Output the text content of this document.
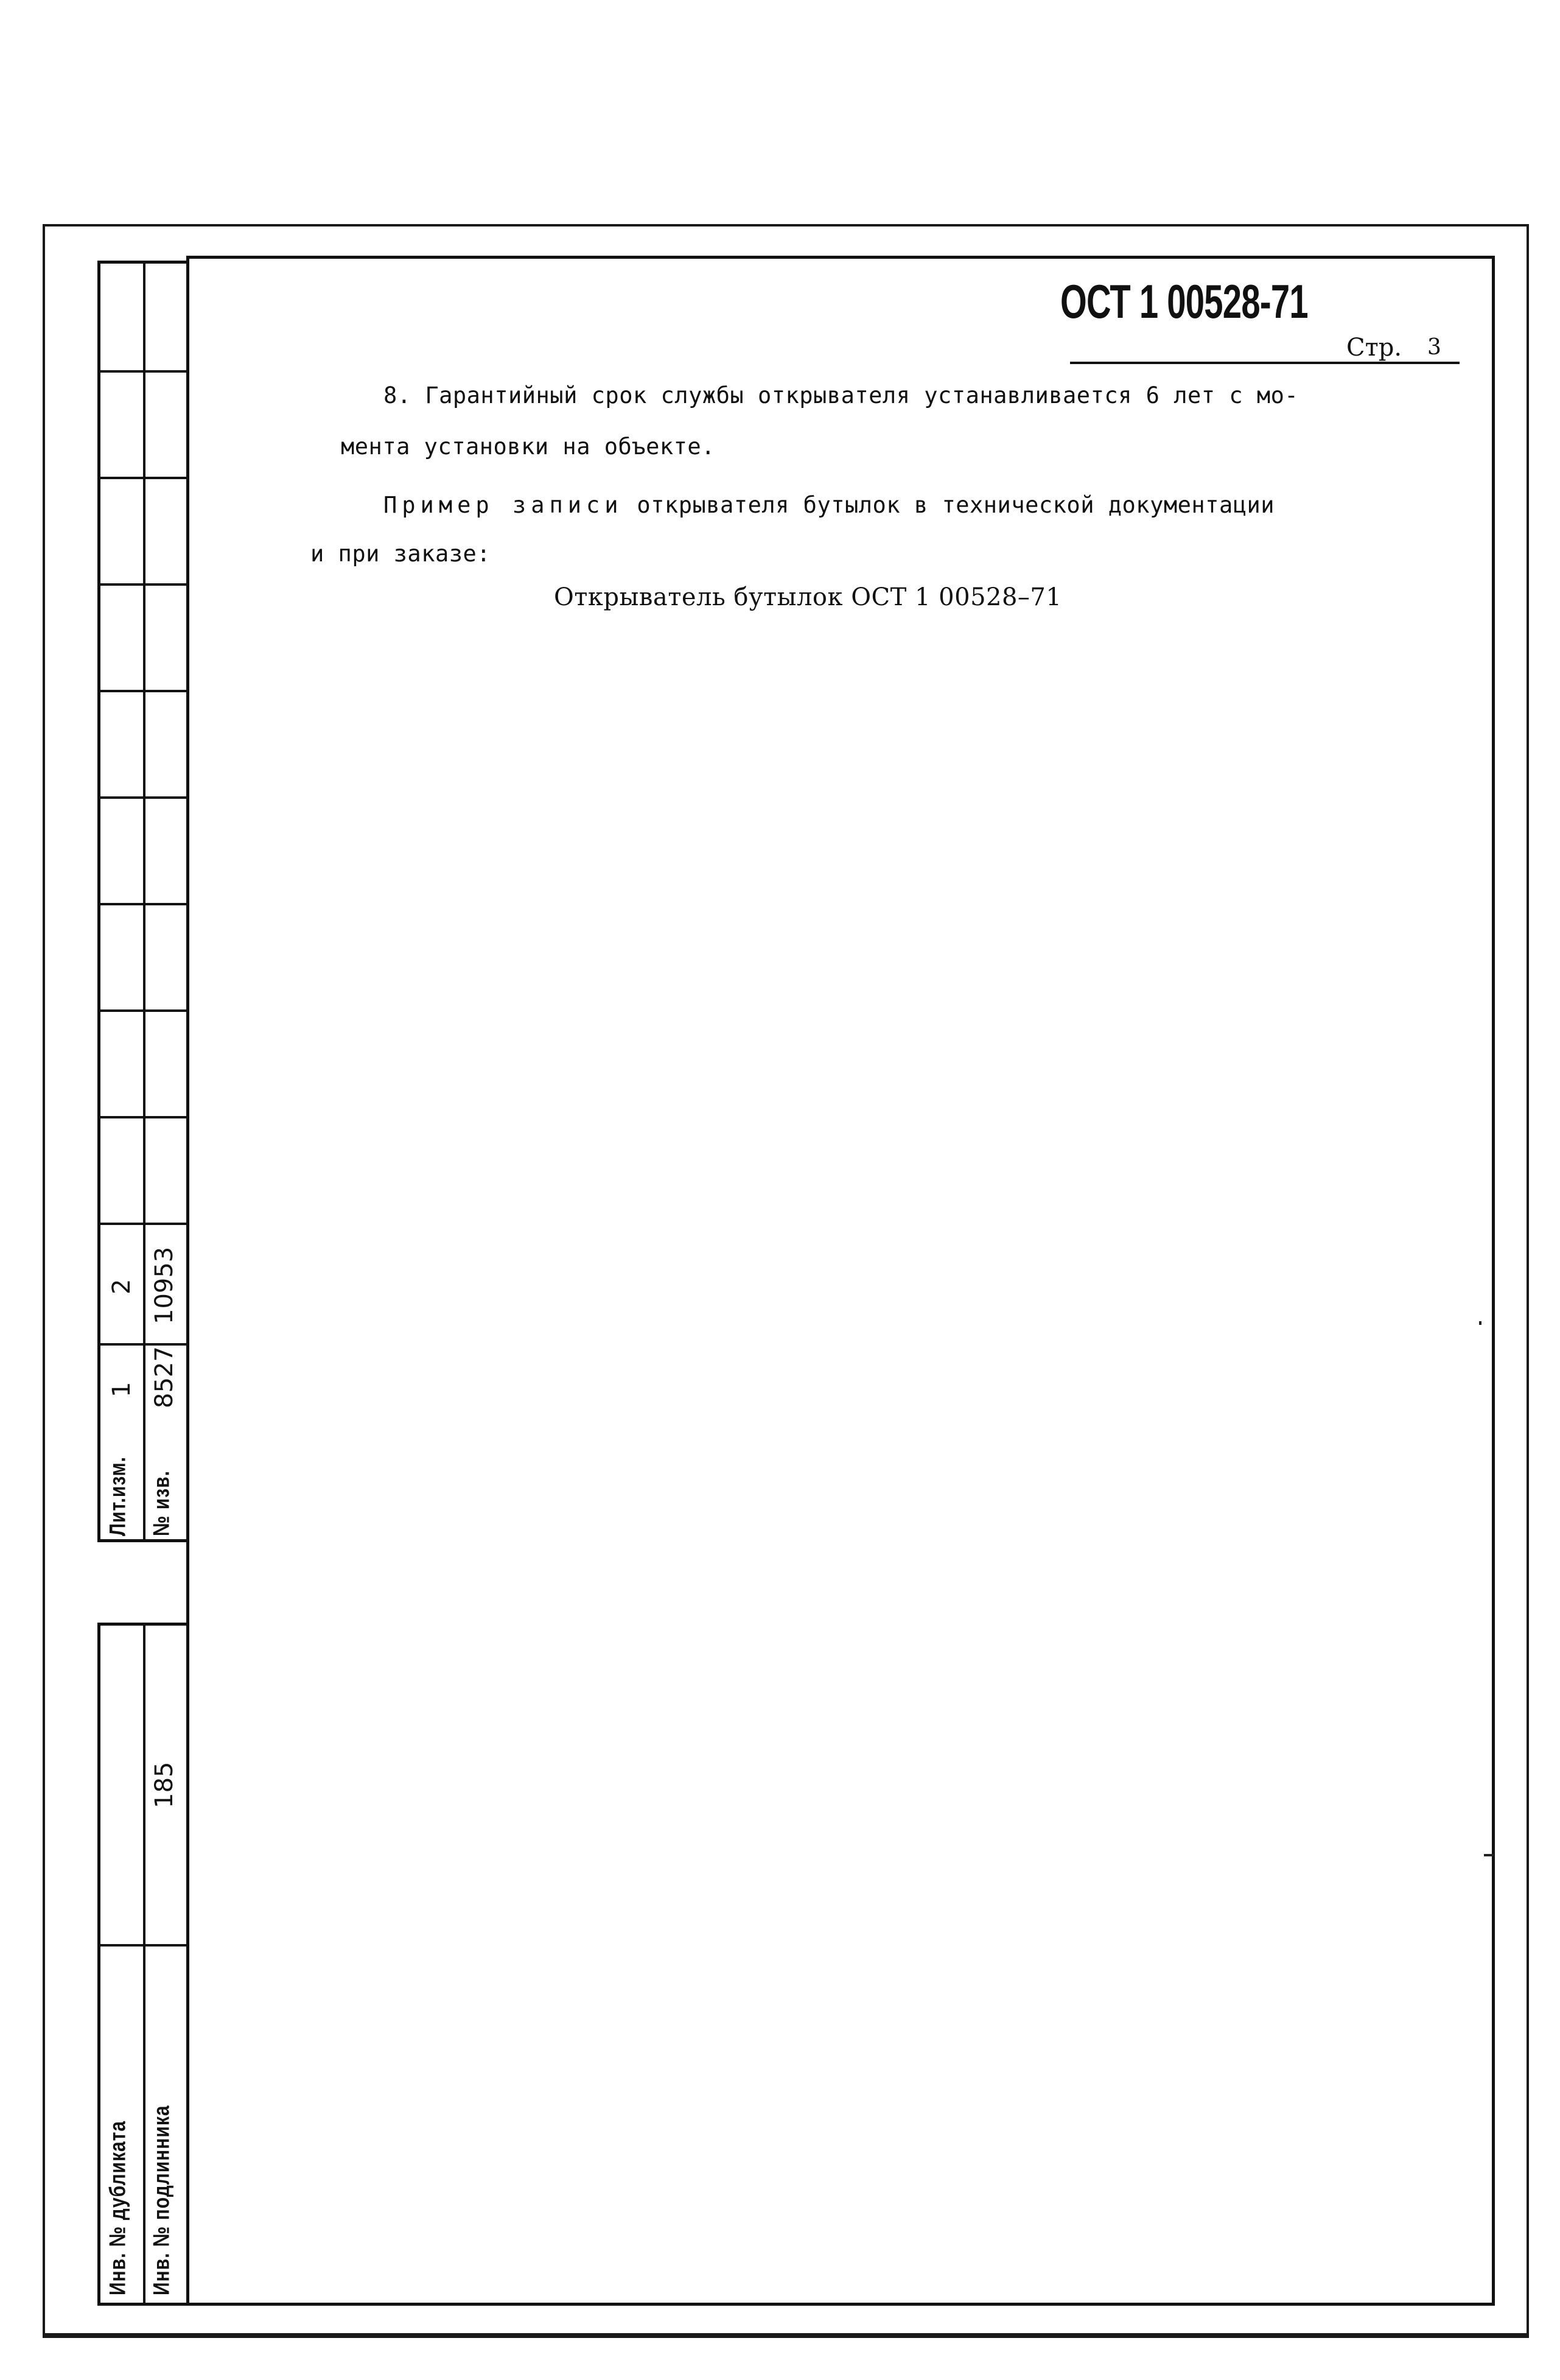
Лит.изм. № изв.
1 8527
2 10953
Инв. № дубликата Инв. № подлинника
185
ОСТ 1 00528-71
Стр. 3
8. Гарантийный срок службы открывателя устанавливается 6 лет с мо-
мента установки на объекте.
Пример записи открывателя бутылок в технической документации
и при заказе:
Открыватель бутылок ОСТ 1 00528–71
